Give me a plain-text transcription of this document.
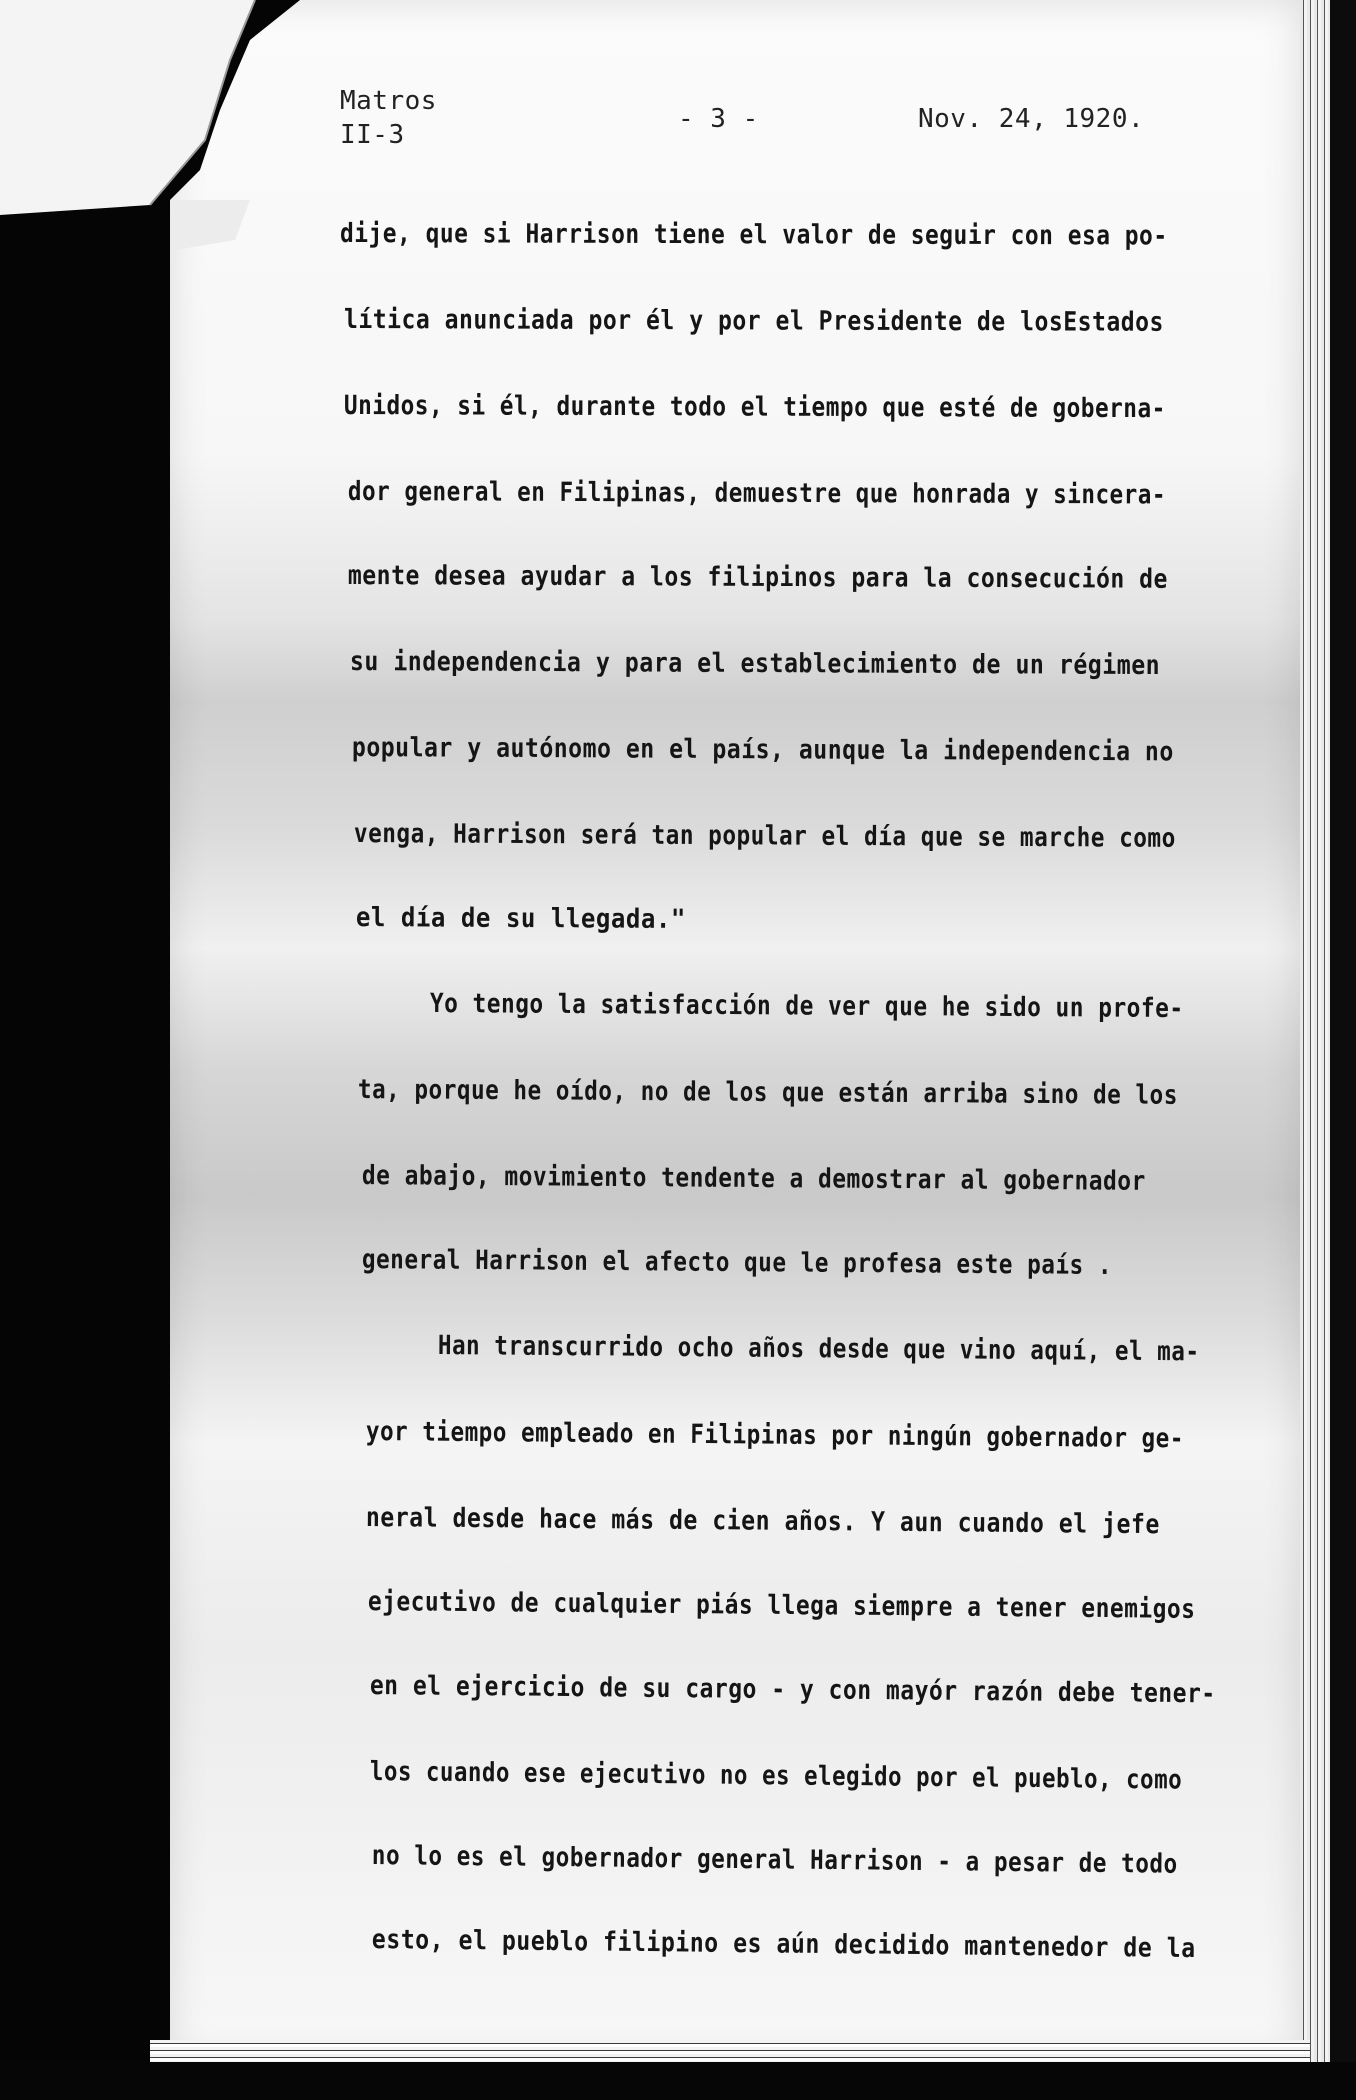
Matros
II-3
- 3 -	Nov. 24, 1920.
dije, que si Harrison tiene el valor de seguir con esa po-
lítica anunciada por él y por el Presidente de losEstados
Unidos, si él, durante todo el tiempo que esté de goberna-
dor general en Filipinas, demuestre que honrada y sincera-
mente desea ayudar a los filipinos para la consecución de
su independencia y para el establecimiento de un régimen
popular y autónomo en el país, aunque la independencia no
venga, Harrison será tan popular el día que se marche como
el día de su llegada."
Yo tengo la satisfacción de ver que he sido un profe-
ta, porque he oído, no de los que están arriba sino de los
de abajo, movimiento tendente a demostrar al gobernador
general Harrison el afecto que le profesa este país .
Han transcurrido ocho años desde que vino aquí, el ma-
yor tiempo empleado en Filipinas por ningún gobernador ge-
neral desde hace más de cien años. Y aun cuando el jefe
ejecutivo de cualquier piás llega siempre a tener enemigos
en el ejercicio de su cargo - y con mayór razón debe tener-
los cuando ese ejecutivo no es elegido por el pueblo, como
no lo es el gobernador general Harrison - a pesar de todo
esto, el pueblo filipino es aún decidido mantenedor de la
